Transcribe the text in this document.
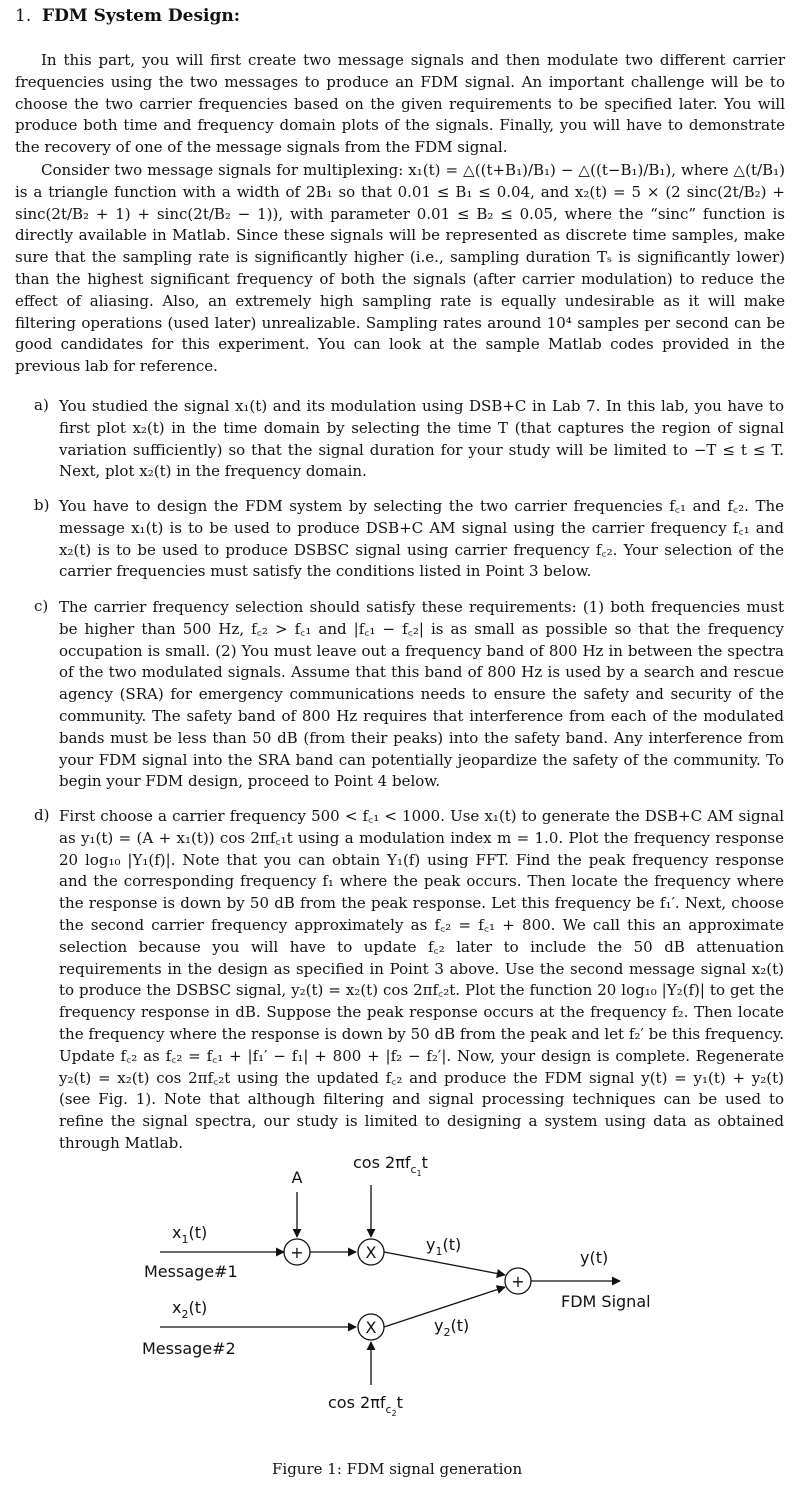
1. FDM System Design:

In this part, you will first create two message signals and then modulate two different carrier frequencies using the two messages to produce an FDM signal. An important challenge will be to choose the two carrier frequencies based on the given requirements to be specified later. You will produce both time and frequency domain plots of the signals. Finally, you will have to demonstrate the recovery of one of the message signals from the FDM signal.

Consider two message signals for multiplexing: x₁(t) = △((t+B₁)/B₁) − △((t−B₁)/B₁), where △(t/B₁) is a triangle function with a width of 2B₁ so that 0.01 ≤ B₁ ≤ 0.04, and x₂(t) = 5 × (2 sinc(2t/B₂) + sinc(2t/B₂ + 1) + sinc(2t/B₂ − 1)), with parameter 0.01 ≤ B₂ ≤ 0.05, where the “sinc” function is directly available in Matlab. Since these signals will be represented as discrete time samples, make sure that the sampling rate is significantly higher (i.e., sampling duration Tₛ is significantly lower) than the highest significant frequency of both the signals (after carrier modulation) to reduce the effect of aliasing. Also, an extremely high sampling rate is equally undesirable as it will make filtering operations (used later) unrealizable. Sampling rates around 10⁴ samples per second can be good candidates for this experiment. You can look at the sample Matlab codes provided in the previous lab for reference.

a) You studied the signal x₁(t) and its modulation using DSB+C in Lab 7. In this lab, you have to first plot x₂(t) in the time domain by selecting the time T (that captures the region of signal variation sufficiently) so that the signal duration for your study will be limited to −T ≤ t ≤ T. Next, plot x₂(t) in the frequency domain.

b) You have to design the FDM system by selecting the two carrier frequencies f꜀₁ and f꜀₂. The message x₁(t) is to be used to produce DSB+C AM signal using the carrier frequency f꜀₁ and x₂(t) is to be used to produce DSBSC signal using carrier frequency f꜀₂. Your selection of the carrier frequencies must satisfy the conditions listed in Point 3 below.

c) The carrier frequency selection should satisfy these requirements: (1) both frequencies must be higher than 500 Hz, f꜀₂ > f꜀₁ and |f꜀₁ − f꜀₂| is as small as possible so that the frequency occupation is small. (2) You must leave out a frequency band of 800 Hz in between the spectra of the two modulated signals. Assume that this band of 800 Hz is used by a search and rescue agency (SRA) for emergency communications needs to ensure the safety and security of the community. The safety band of 800 Hz requires that interference from each of the modulated bands must be less than 50 dB (from their peaks) into the safety band. Any interference from your FDM signal into the SRA band can potentially jeopardize the safety of the community. To begin your FDM design, proceed to Point 4 below.

d) First choose a carrier frequency 500 < f꜀₁ < 1000. Use x₁(t) to generate the DSB+C AM signal as y₁(t) = (A + x₁(t)) cos 2πf꜀₁t using a modulation index m = 1.0. Plot the frequency response 20 log₁₀ |Y₁(f)|. Note that you can obtain Y₁(f) using FFT. Find the peak frequency response and the corresponding frequency f₁ where the peak occurs. Then locate the frequency where the response is down by 50 dB from the peak response. Let this frequency be f₁′. Next, choose the second carrier frequency approximately as f꜀₂ = f꜀₁ + 800. We call this an approximate selection because you will have to update f꜀₂ later to include the 50 dB attenuation requirements in the design as specified in Point 3 above. Use the second message signal x₂(t) to produce the DSBSC signal, y₂(t) = x₂(t) cos 2πf꜀₂t. Plot the function 20 log₁₀ |Y₂(f)| to get the frequency response in dB. Suppose the peak response occurs at the frequency f₂. Then locate the frequency where the response is down by 50 dB from the peak and let f₂′ be this frequency. Update f꜀₂ as f꜀₂ = f꜀₁ + |f₁′ − f₁| + 800 + |f₂ − f₂′|. Now, your design is complete. Regenerate y₂(t) = x₂(t) cos 2πf꜀₂t using the updated f꜀₂ and produce the FDM signal y(t) = y₁(t) + y₂(t) (see Fig. 1). Note that although filtering and signal processing techniques can be used to refine the signal spectra, our study is limited to designing a system using data as obtained through Matlab.

+	X
X
+
A
$\cos 2\pi f_c1t$
$\cos 2\pi f_c2t$
$x_1(t)$
Message#1
$x_2(t)$
Message#2
$y_1(t)$
$y_2(t)$
y(t)
FDM Signal
Figure 1: FDM signal generation
